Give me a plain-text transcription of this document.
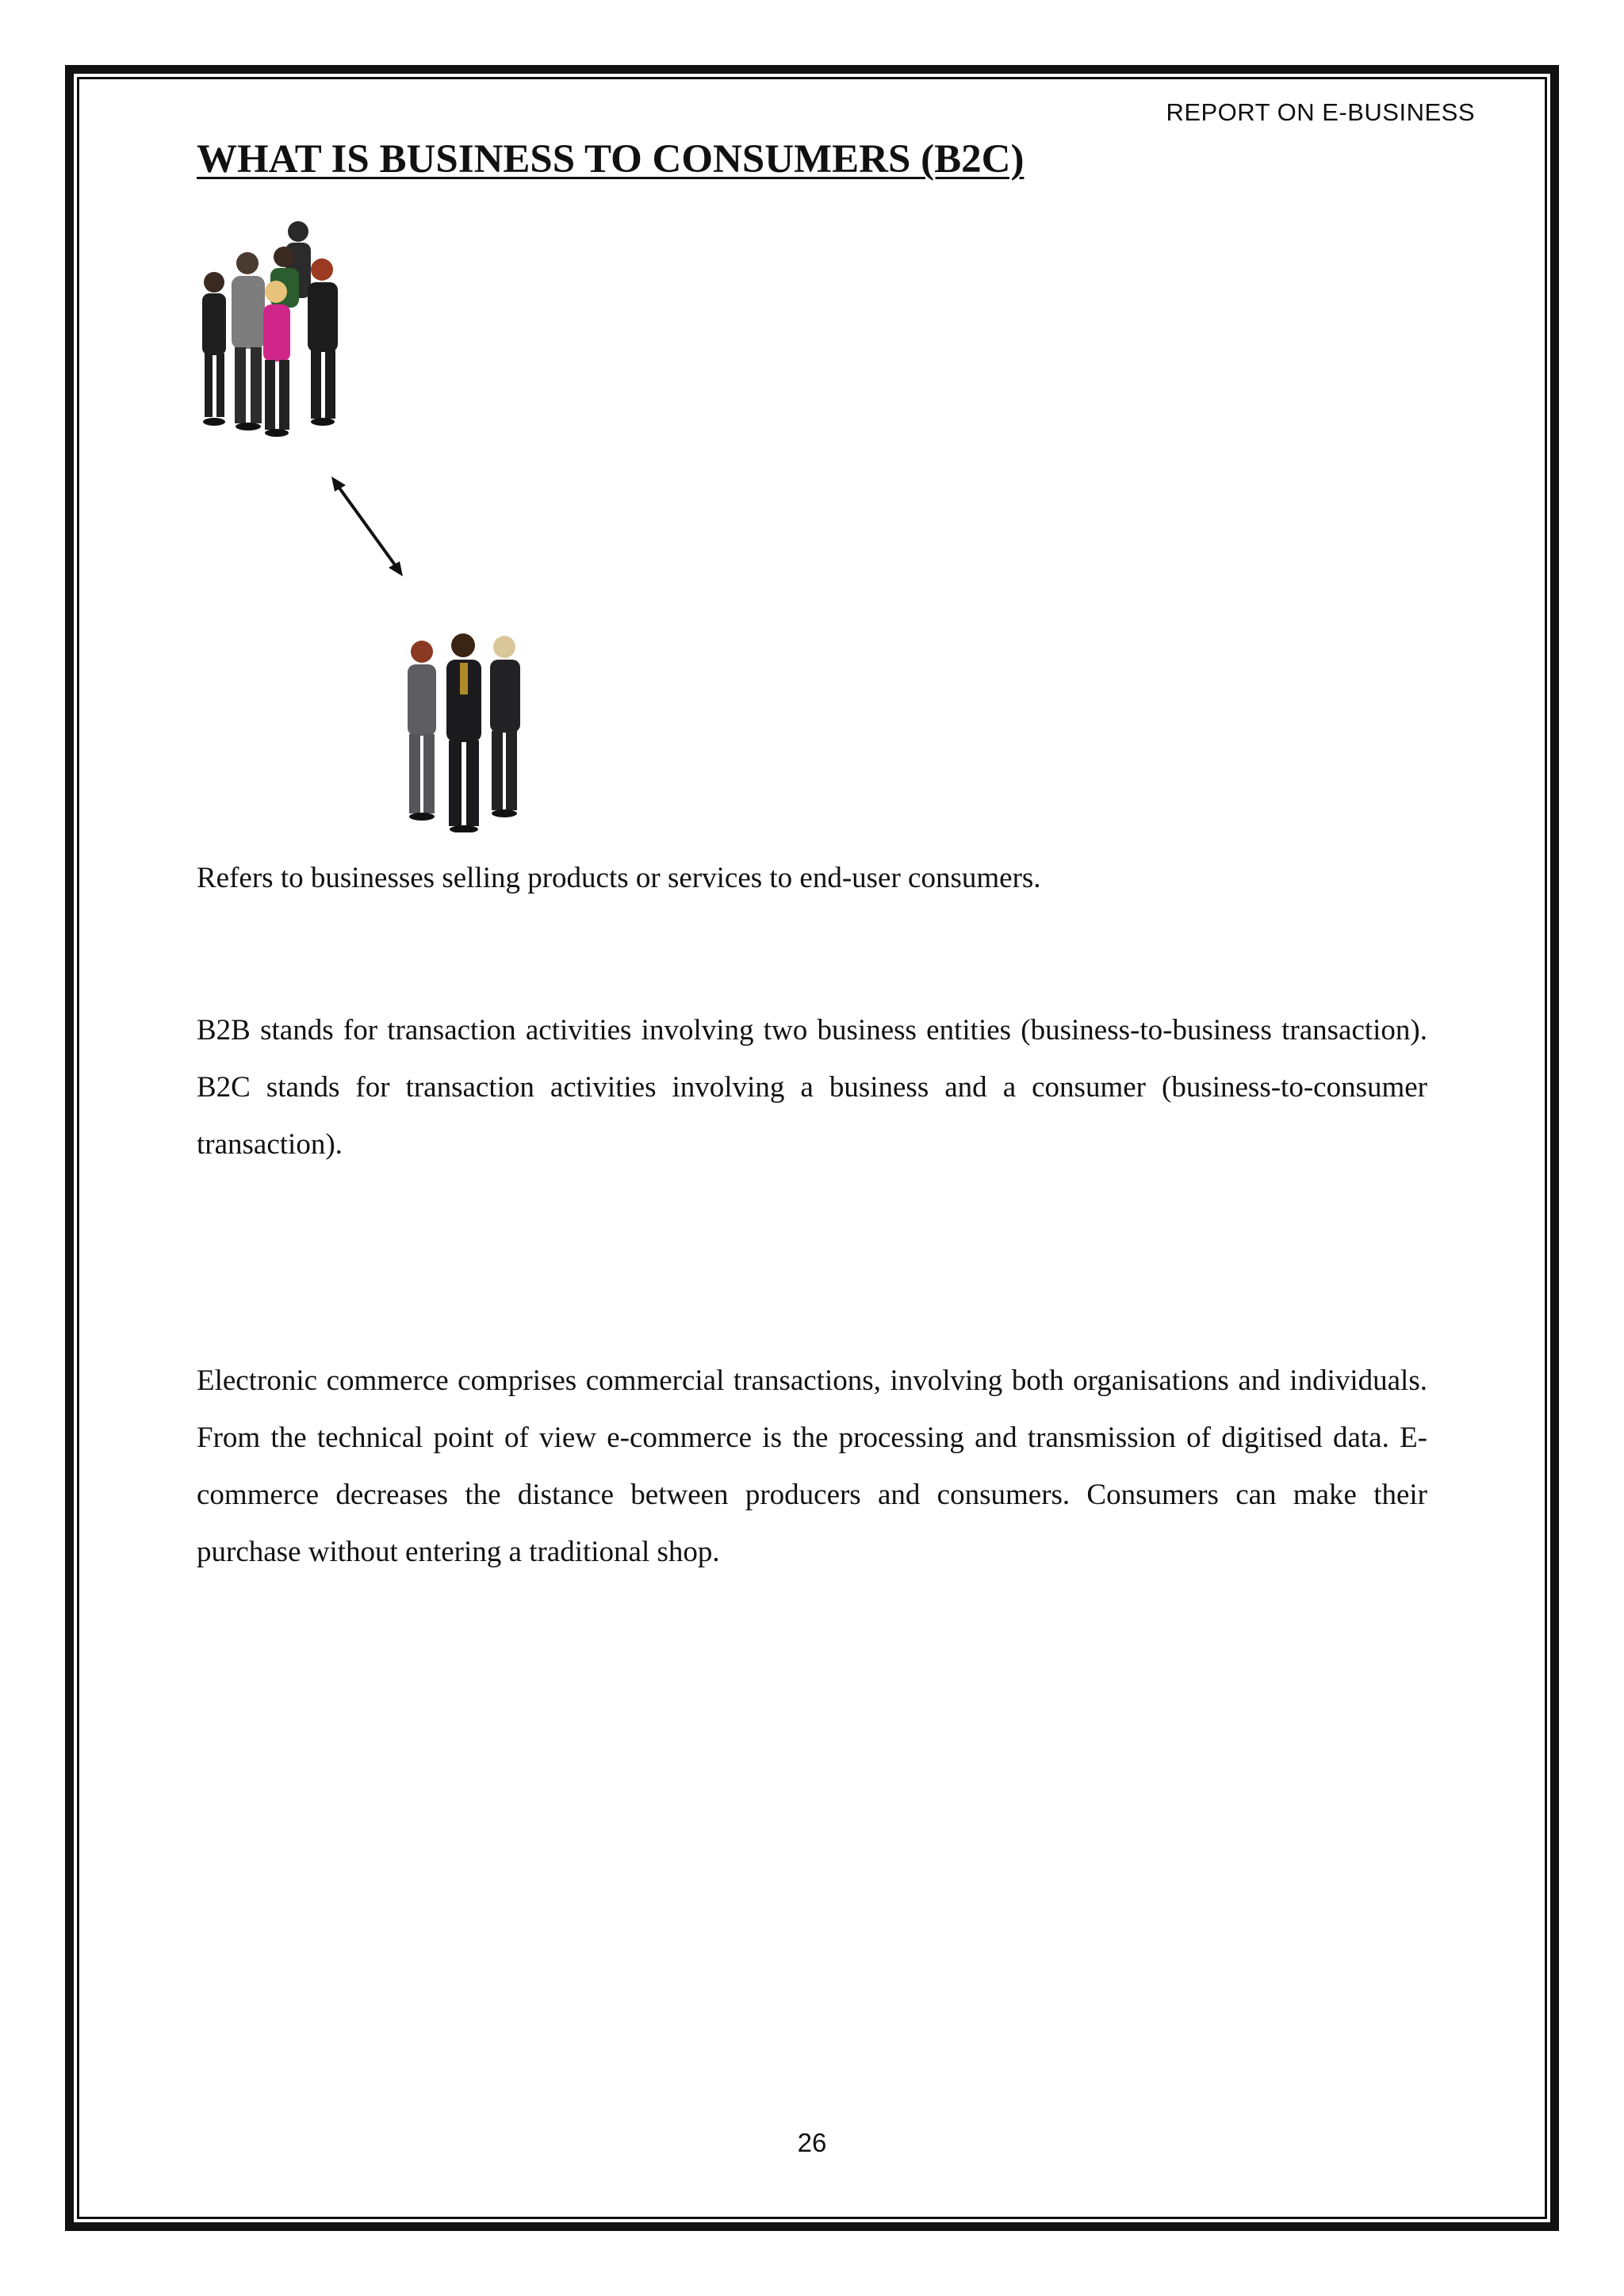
REPORT ON E-BUSINESS
WHAT IS BUSINESS TO CONSUMERS (B2C)

Refers to businesses selling products or services to end-user consumers.

B2B stands for transaction activities involving two business entities (business-to-business transaction). B2C stands for transaction activities involving a business and a consumer (business-to-consumer transaction).

Electronic commerce comprises commercial transactions, involving both organisations and individuals. From the technical point of view e-commerce is the processing and transmission of digitised data. E-commerce decreases the distance between producers and consumers. Consumers can make their purchase without entering a traditional shop.

26
